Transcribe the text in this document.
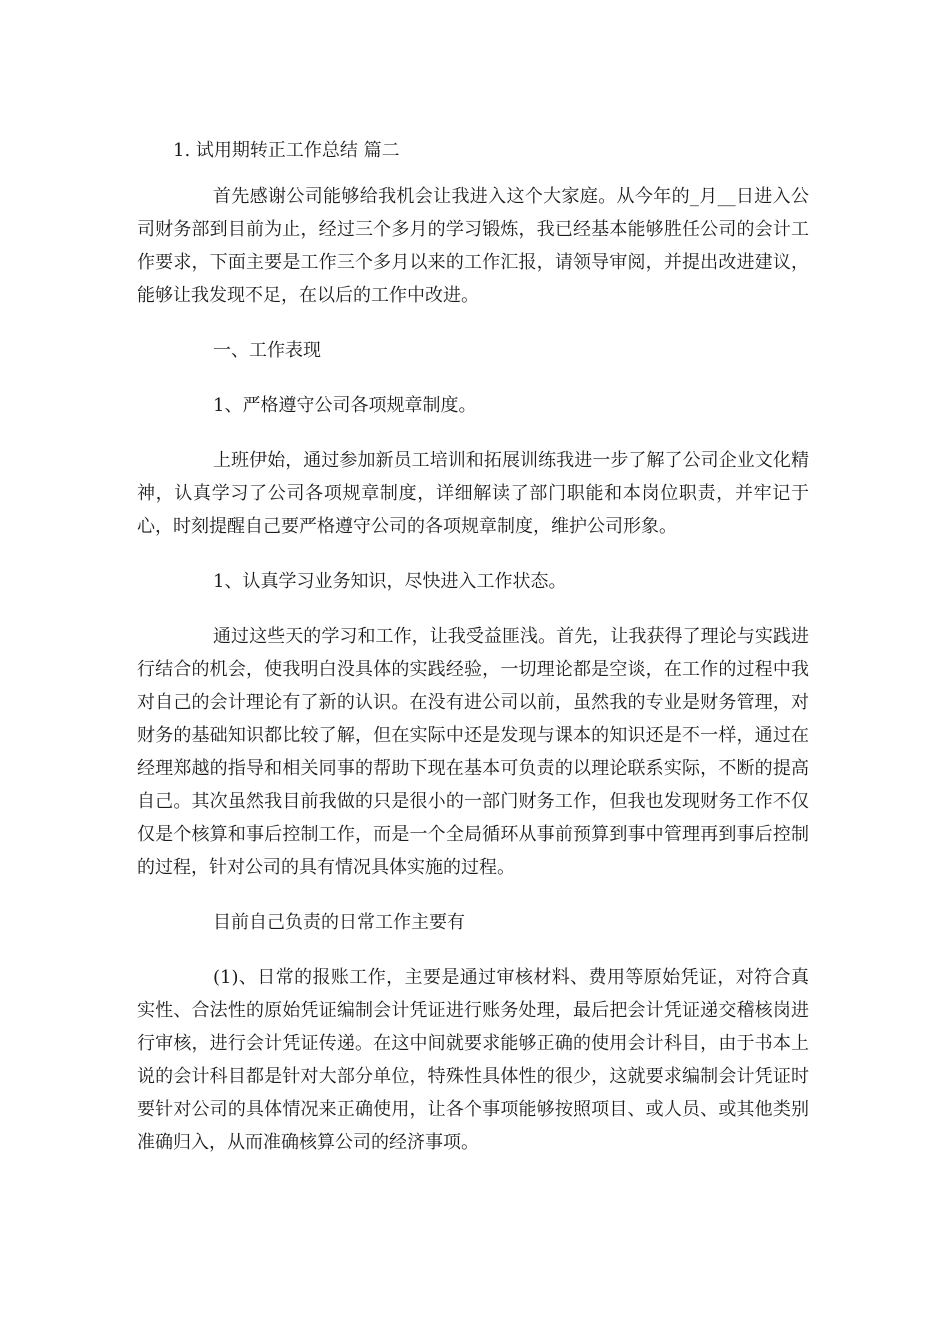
1. 试用期转正工作总结 篇二

首先感谢公司能够给我机会让我进入这个大家庭。从今年的_月__日进入公司财务部到目前为止，经过三个多月的学习锻炼，我已经基本能够胜任公司的会计工作要求，下面主要是工作三个多月以来的工作汇报，请领导审阅，并提出改进建议，能够让我发现不足，在以后的工作中改进。

一、工作表现

1、严格遵守公司各项规章制度。

上班伊始，通过参加新员工培训和拓展训练我进一步了解了公司企业文化精神，认真学习了公司各项规章制度，详细解读了部门职能和本岗位职责，并牢记于心，时刻提醒自己要严格遵守公司的各项规章制度，维护公司形象。

1、认真学习业务知识，尽快进入工作状态。

通过这些天的学习和工作，让我受益匪浅。首先，让我获得了理论与实践进行结合的机会，使我明白没具体的实践经验，一切理论都是空谈，在工作的过程中我对自己的会计理论有了新的认识。在没有进公司以前，虽然我的专业是财务管理，对财务的基础知识都比较了解，但在实际中还是发现与课本的知识还是不一样，通过在经理郑越的指导和相关同事的帮助下现在基本可负责的以理论联系实际，不断的提高自己。其次虽然我目前我做的只是很小的一部门财务工作，但我也发现财务工作不仅仅是个核算和事后控制工作，而是一个全局循环从事前预算到事中管理再到事后控制的过程，针对公司的具有情况具体实施的过程。

目前自己负责的日常工作主要有

(1)、日常的报账工作，主要是通过审核材料、费用等原始凭证，对符合真实性、合法性的原始凭证编制会计凭证进行账务处理，最后把会计凭证递交稽核岗进行审核，进行会计凭证传递。在这中间就要求能够正确的使用会计科目，由于书本上说的会计科目都是针对大部分单位，特殊性具体性的很少，这就要求编制会计凭证时要针对公司的具体情况来正确使用，让各个事项能够按照项目、或人员、或其他类别准确归入，从而准确核算公司的经济事项。
